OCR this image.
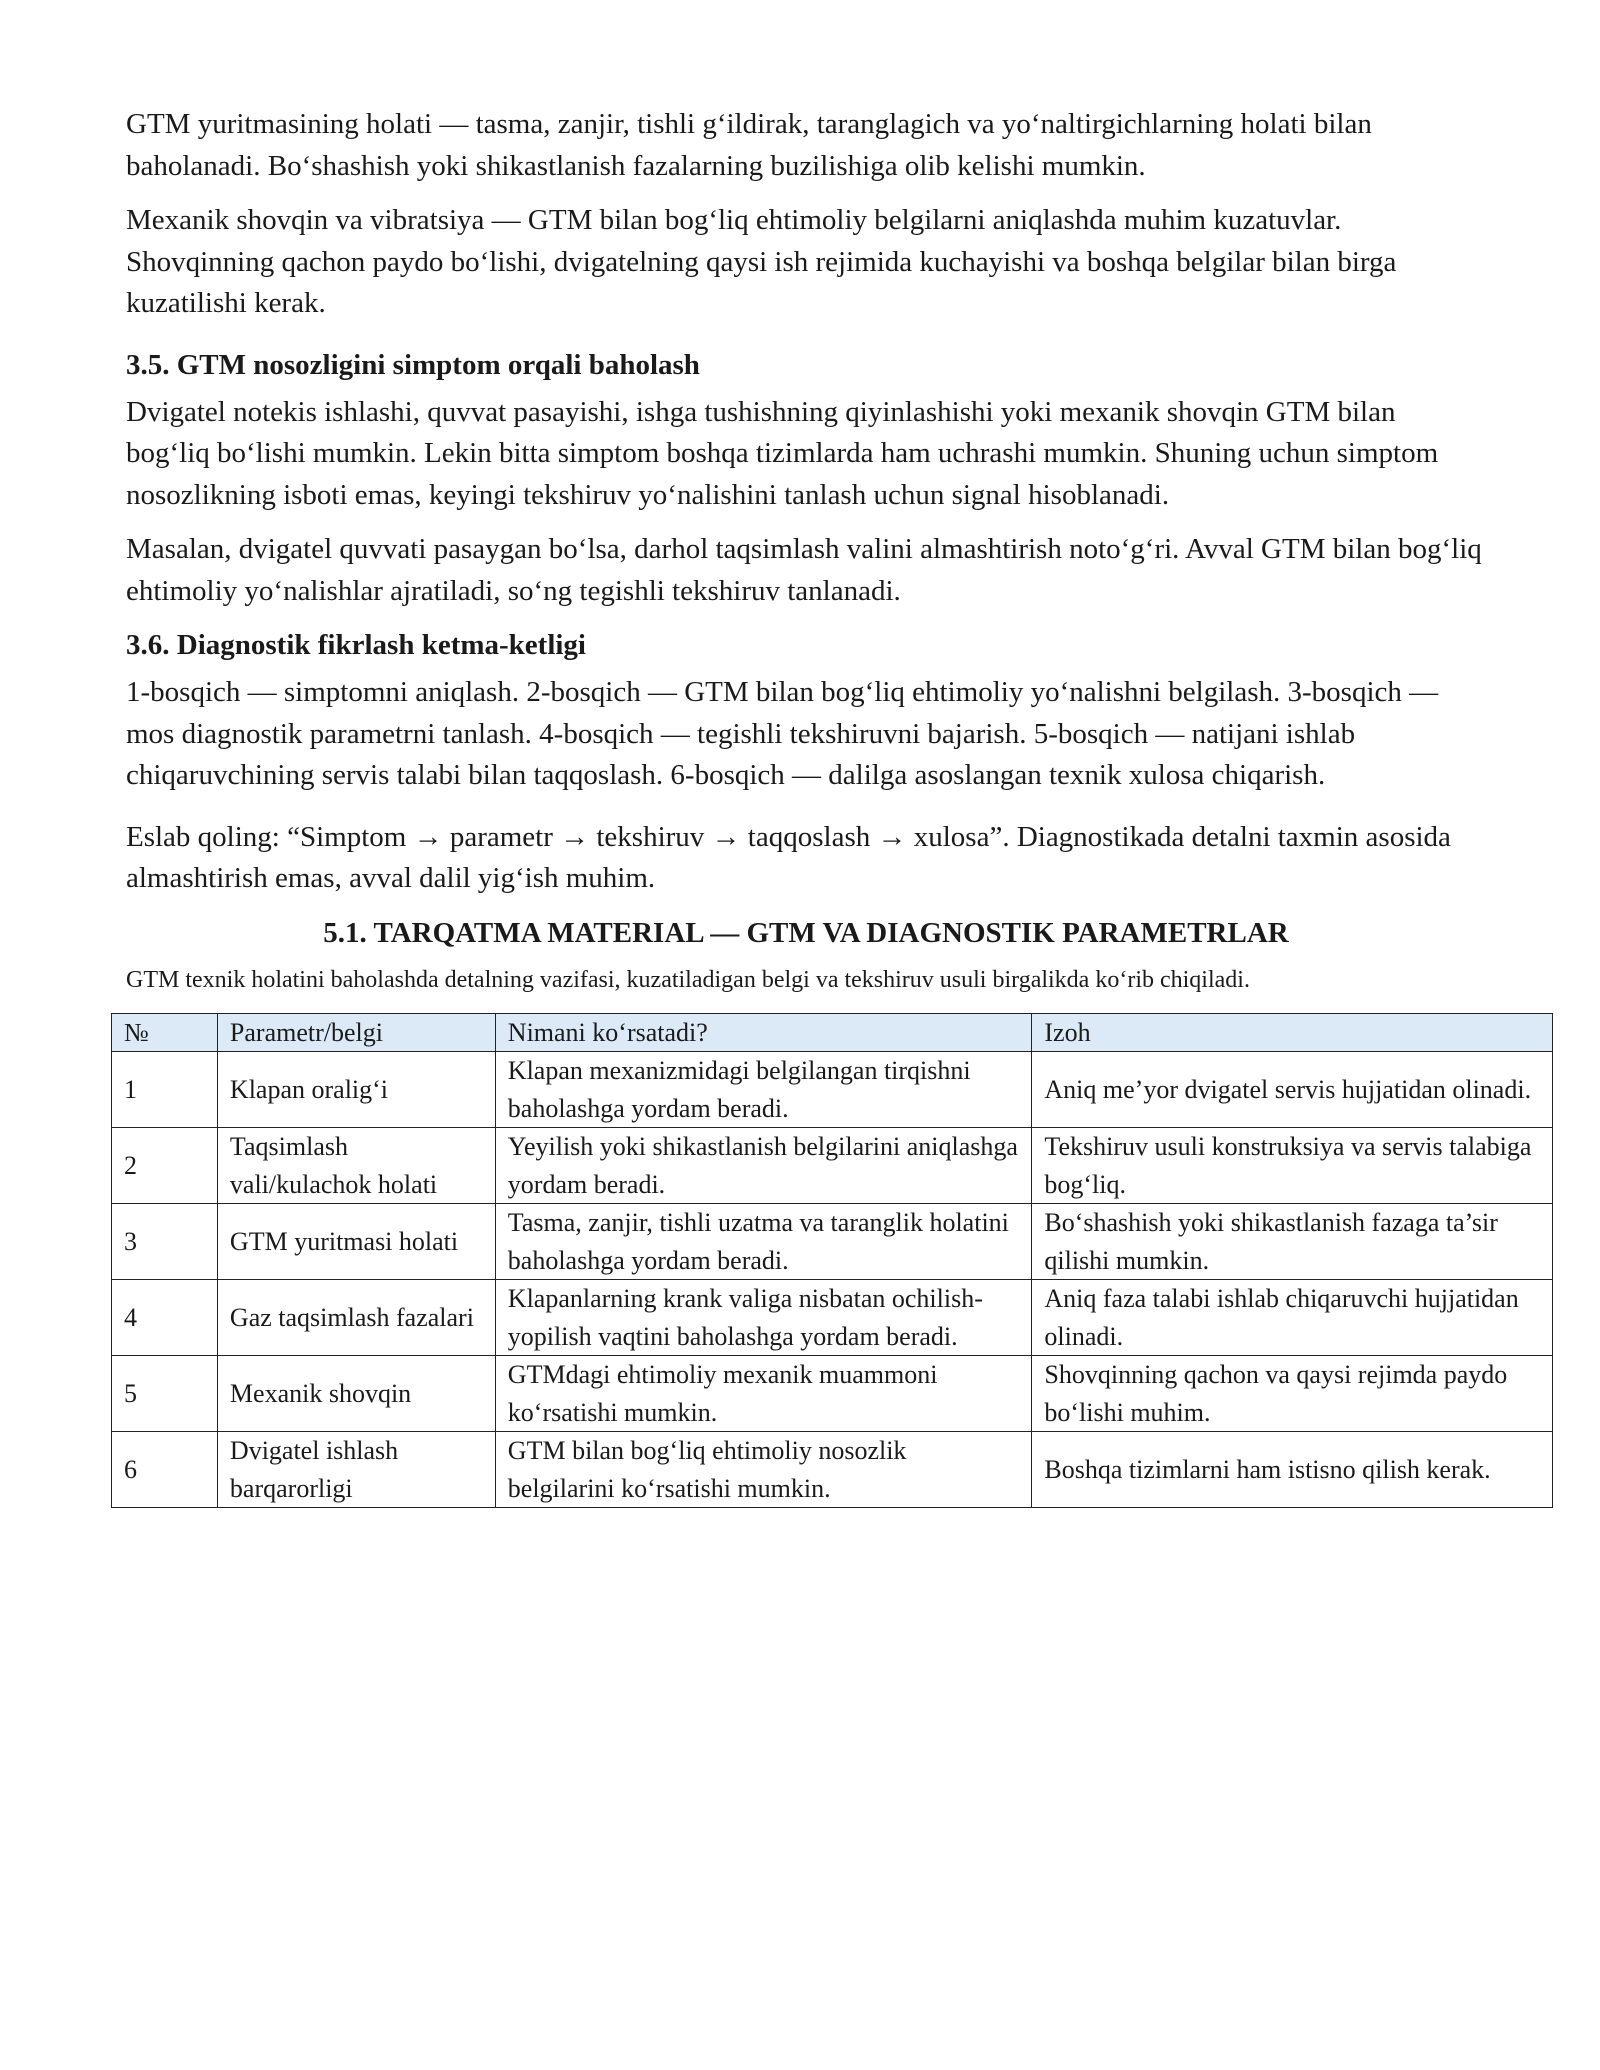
GTM yuritmasining holati — tasma, zanjir, tishli g‘ildirak, taranglagich va yo‘naltirgichlarning holati bilan baholanadi. Bo‘shashish yoki shikastlanish fazalarning buzilishiga olib kelishi mumkin.

Mexanik shovqin va vibratsiya — GTM bilan bog‘liq ehtimoliy belgilarni aniqlashda muhim kuzatuvlar. Shovqinning qachon paydo bo‘lishi, dvigatelning qaysi ish rejimida kuchayishi va boshqa belgilar bilan birga kuzatilishi kerak.

3.5. GTM nosozligini simptom orqali baholash

Dvigatel notekis ishlashi, quvvat pasayishi, ishga tushishning qiyinlashishi yoki mexanik shovqin GTM bilan bog‘liq bo‘lishi mumkin. Lekin bitta simptom boshqa tizimlarda ham uchrashi mumkin. Shuning uchun simptom nosozlikning isboti emas, keyingi tekshiruv yo‘nalishini tanlash uchun signal hisoblanadi.

Masalan, dvigatel quvvati pasaygan bo‘lsa, darhol taqsimlash valini almashtirish noto‘g‘ri. Avval GTM bilan bog‘liq ehtimoliy yo‘nalishlar ajratiladi, so‘ng tegishli tekshiruv tanlanadi.

3.6. Diagnostik fikrlash ketma-ketligi

1-bosqich — simptomni aniqlash. 2-bosqich — GTM bilan bog‘liq ehtimoliy yo‘nalishni belgilash. 3-bosqich — mos diagnostik parametrni tanlash. 4-bosqich — tegishli tekshiruvni bajarish. 5-bosqich — natijani ishlab chiqaruvchining servis talabi bilan taqqoslash. 6-bosqich — dalilga asoslangan texnik xulosa chiqarish.

Eslab qoling: “Simptom → parametr → tekshiruv → taqqoslash → xulosa”. Diagnostikada detalni taxmin asosida almashtirish emas, avval dalil yig‘ish muhim.

5.1. TARQATMA MATERIAL — GTM VA DIAGNOSTIK PARAMETRLAR

GTM texnik holatini baholashda detalning vazifasi, kuzatiladigan belgi va tekshiruv usuli birgalikda ko‘rib chiqiladi.

№	Parametr/belgi	Nimani ko‘rsatadi?	Izoh
1	Klapan oralig‘i	Klapan mexanizmidagi belgilangan tirqishni baholashga yordam beradi.	Aniq me’yor dvigatel servis hujjatidan olinadi.
2	Taqsimlash vali/kulachok holati	Yeyilish yoki shikastlanish belgilarini aniqlashga yordam beradi.	Tekshiruv usuli konstruksiya va servis talabiga bog‘liq.
3	GTM yuritmasi holati	Tasma, zanjir, tishli uzatma va taranglik holatini baholashga yordam beradi.	Bo‘shashish yoki shikastlanish fazaga ta’sir qilishi mumkin.
4	Gaz taqsimlash fazalari	Klapanlarning krank valiga nisbatan ochilish-yopilish vaqtini baholashga yordam beradi.	Aniq faza talabi ishlab chiqaruvchi hujjatidan olinadi.
5	Mexanik shovqin	GTMdagi ehtimoliy mexanik muammoni ko‘rsatishi mumkin.	Shovqinning qachon va qaysi rejimda paydo bo‘lishi muhim.
6	Dvigatel ishlash barqarorligi	GTM bilan bog‘liq ehtimoliy nosozlik belgilarini ko‘rsatishi mumkin.	Boshqa tizimlarni ham istisno qilish kerak.
